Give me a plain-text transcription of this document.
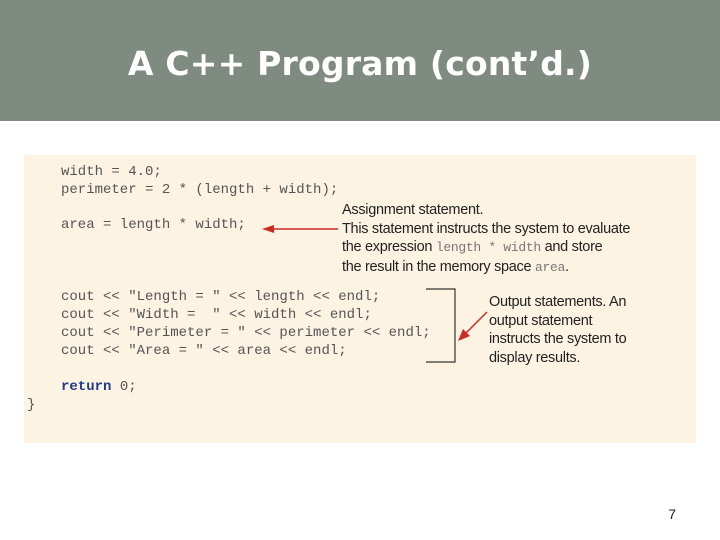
A C++ Program (cont’d.)
width = 4.0;
perimeter = 2 * (length + width);
area = length * width;
cout << "Length = " << length << endl;
cout << "Width =  " << width << endl;
cout << "Perimeter = " << perimeter << endl;
cout << "Area = " << area << endl;
return 0;
}
Assignment statement.
This statement instructs the system to evaluate
the expression length * width and store
the result in the memory space area.
Output statements. An
output statement
instructs the system to
display results.
7
